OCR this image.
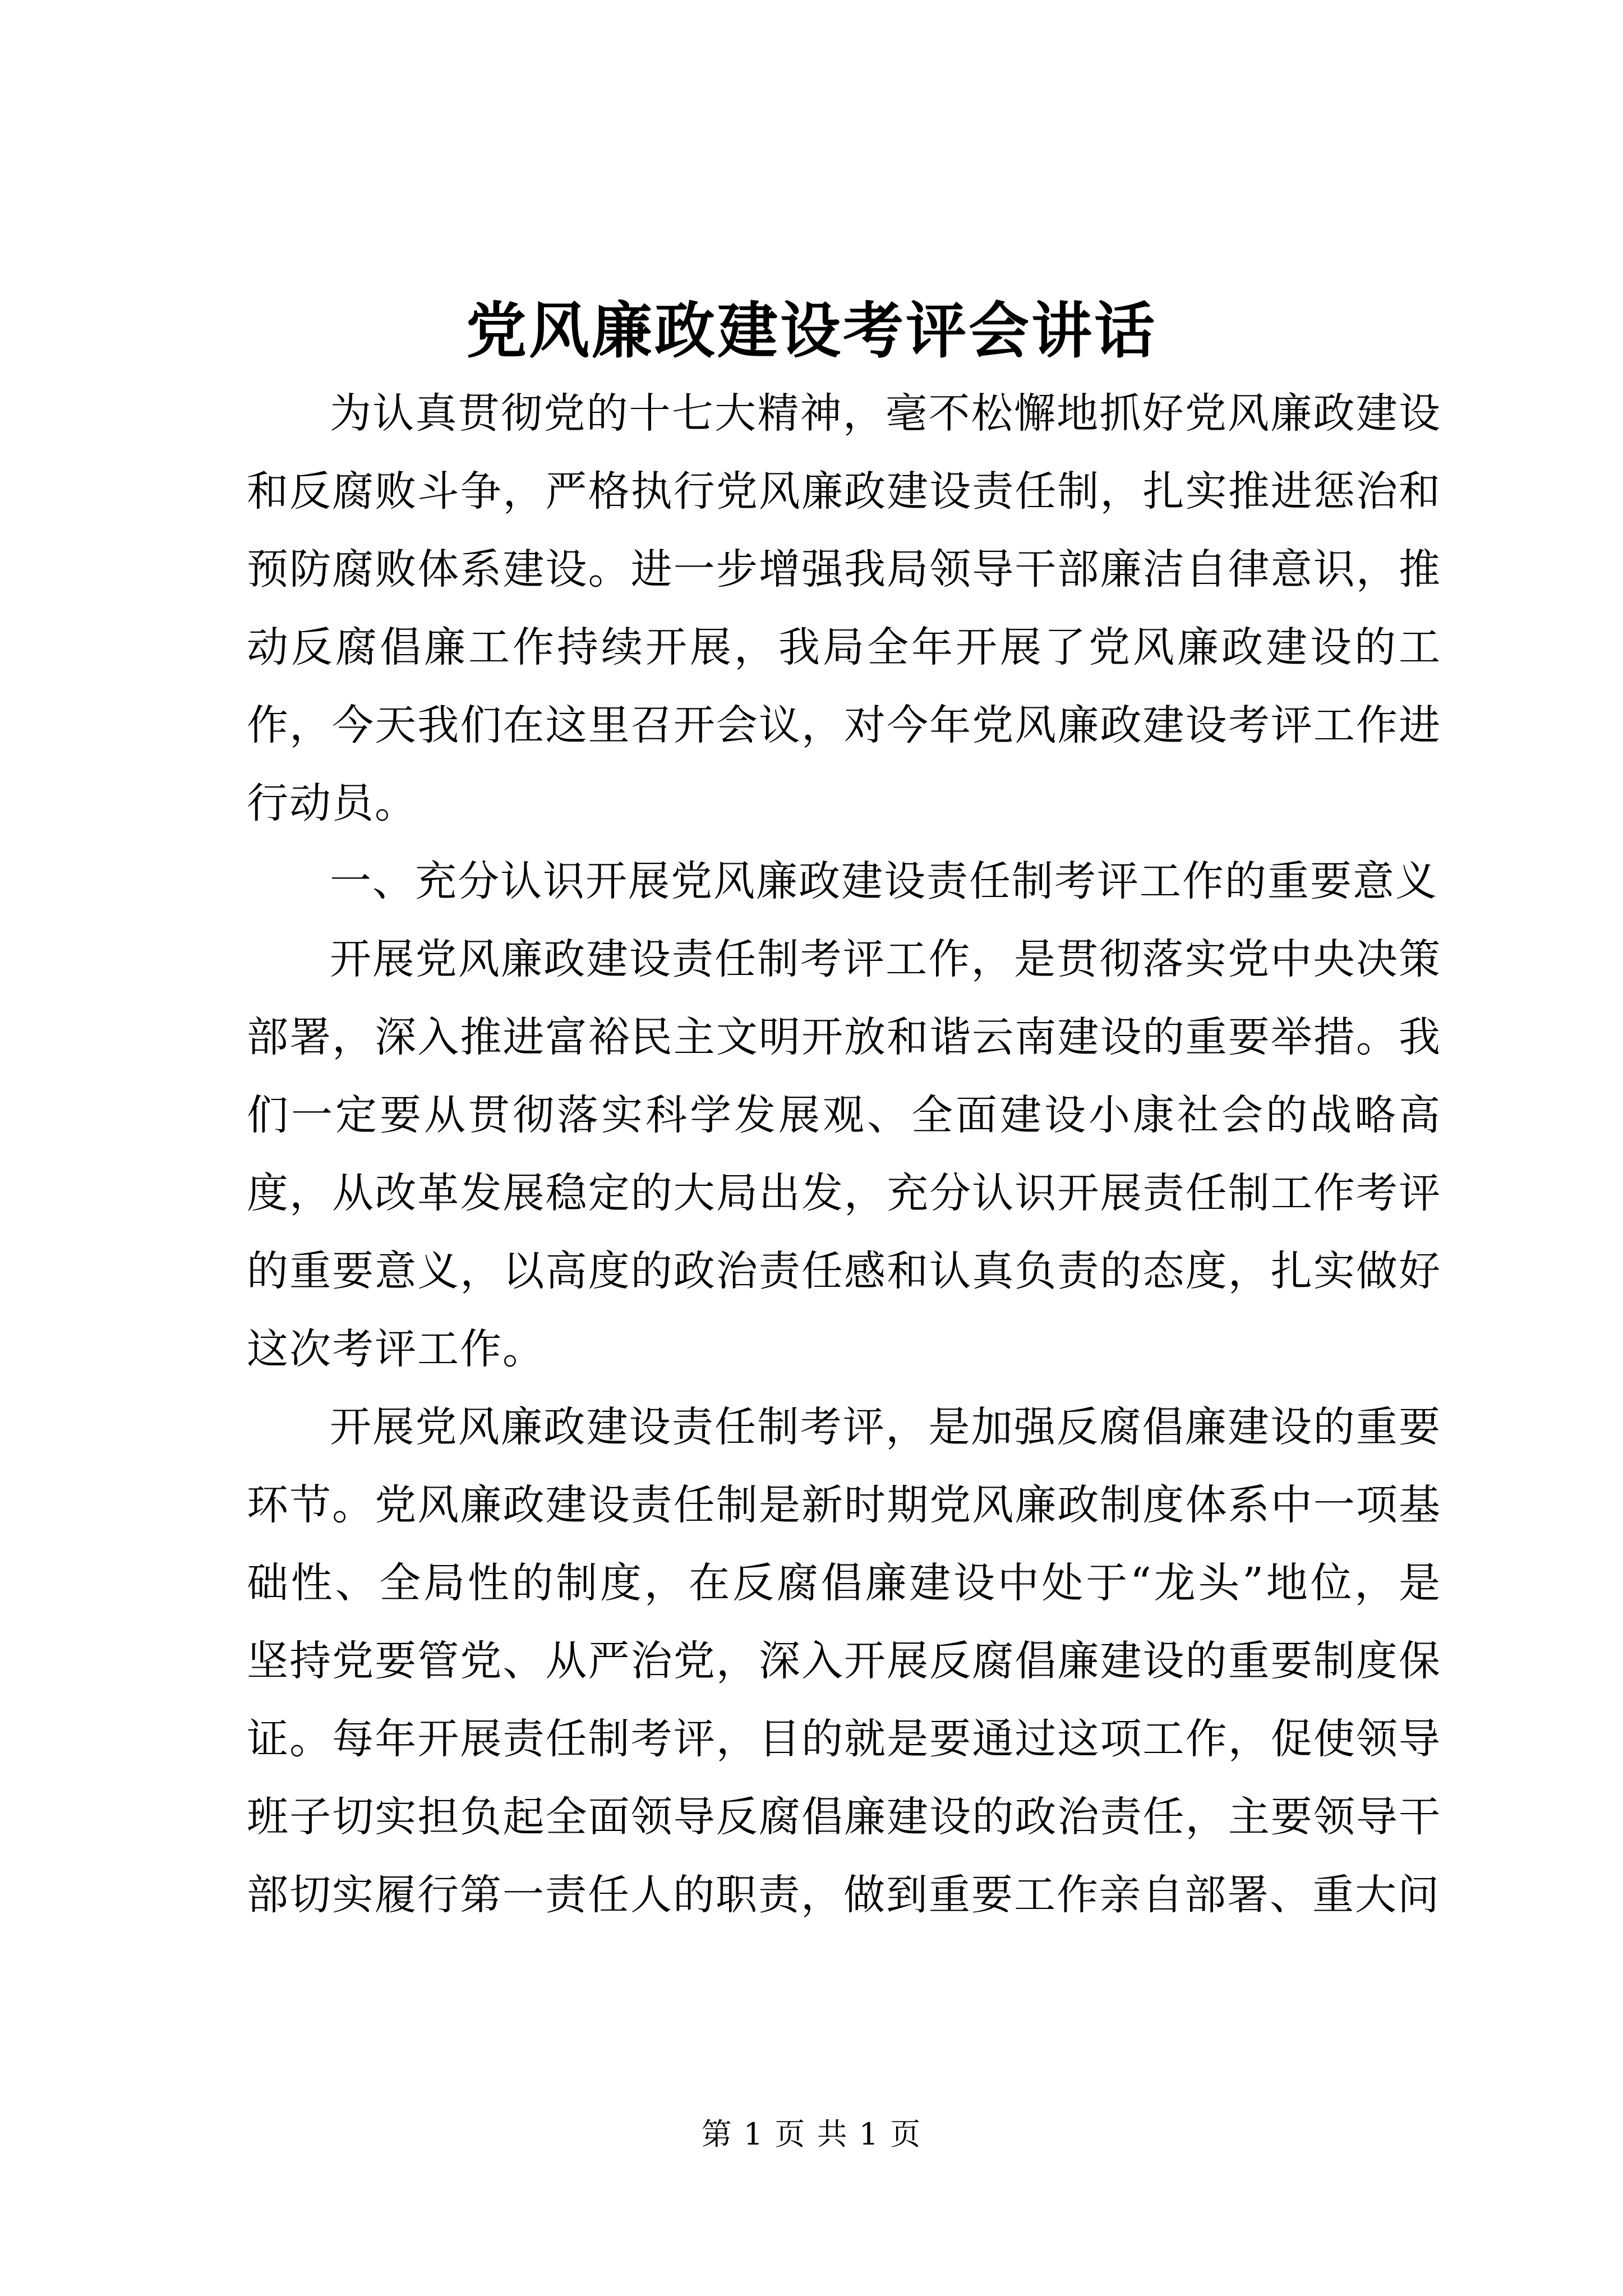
党风廉政建设考评会讲话

为认真贯彻党的十七大精神，毫不松懈地抓好党风廉政建设和反腐败斗争，严格执行党风廉政建设责任制，扎实推进惩治和预防腐败体系建设。进一步增强我局领导干部廉洁自律意识，推动反腐倡廉工作持续开展，我局全年开展了党风廉政建设的工作，今天我们在这里召开会议，对今年党风廉政建设考评工作进行动员。

一、充分认识开展党风廉政建设责任制考评工作的重要意义

开展党风廉政建设责任制考评工作，是贯彻落实党中央决策部署，深入推进富裕民主文明开放和谐云南建设的重要举措。我们一定要从贯彻落实科学发展观、全面建设小康社会的战略高度，从改革发展稳定的大局出发，充分认识开展责任制工作考评的重要意义，以高度的政治责任感和认真负责的态度，扎实做好这次考评工作。

开展党风廉政建设责任制考评，是加强反腐倡廉建设的重要环节。党风廉政建设责任制是新时期党风廉政制度体系中一项基础性、全局性的制度，在反腐倡廉建设中处于“龙头”地位，是坚持党要管党、从严治党，深入开展反腐倡廉建设的重要制度保证。每年开展责任制考评，目的就是要通过这项工作，促使领导班子切实担负起全面领导反腐倡廉建设的政治责任，主要领导干部切实履行第一责任人的职责，做到重要工作亲自部署、重大问

第 1 页 共 1 页
